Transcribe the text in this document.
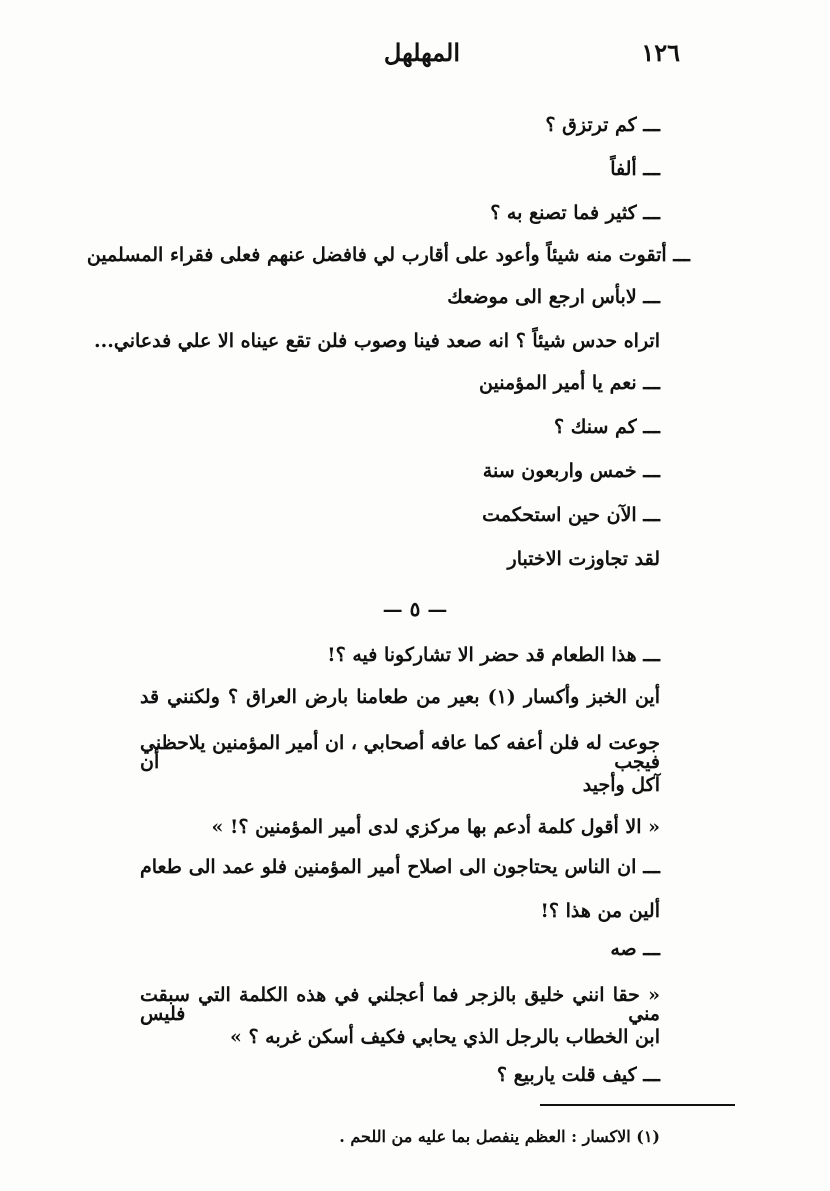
١٢٦
المهلهل
ـــ كم ترتزق ؟
ـــ ألفاً
ـــ كثير فما تصنع به ؟
ـــ أتقوت منه شيئاً وأعود على أقارب لي فافضل عنهم فعلى فقراء المسلمين
ـــ لابأس ارجع الى موضعك
اتراه حدس شيئاً ؟ انه صعد فينا وصوب فلن تقع عيناه الا علي فدعاني...
ـــ نعم يا أمير المؤمنين
ـــ كم سنك ؟
ـــ خمس واربعون سنة
ـــ الآن حين استحكمت
لقد تجاوزت الاختبار
— ٥ —
ـــ هذا الطعام قد حضر الا تشاركونا فيه ؟!
أين الخبز وأكسار (١) بعير من طعامنا بارض العراق ؟ ولكنني قد
جوعت له فلن أعفه كما عافه أصحابي ، ان أمير المؤمنين يلاحظني فيجب أن
آكل وأجيد
« الا أقول كلمة أدعم بها مركزي لدى أمير المؤمنين ؟! »
ـــ ان الناس يحتاجون الى اصلاح أمير المؤمنين فلو عمد الى طعام
ألين من هذا ؟!
ـــ صه
« حقا انني خليق بالزجر فما أعجلني في هذه الكلمة التي سبقت مني فليس
ابن الخطاب بالرجل الذي يحابي فكيف أسكن غربه ؟ »
ـــ كيف قلت ياربيع ؟
(١) الاكسار : العظم ينفصل بما عليه من اللحم .
